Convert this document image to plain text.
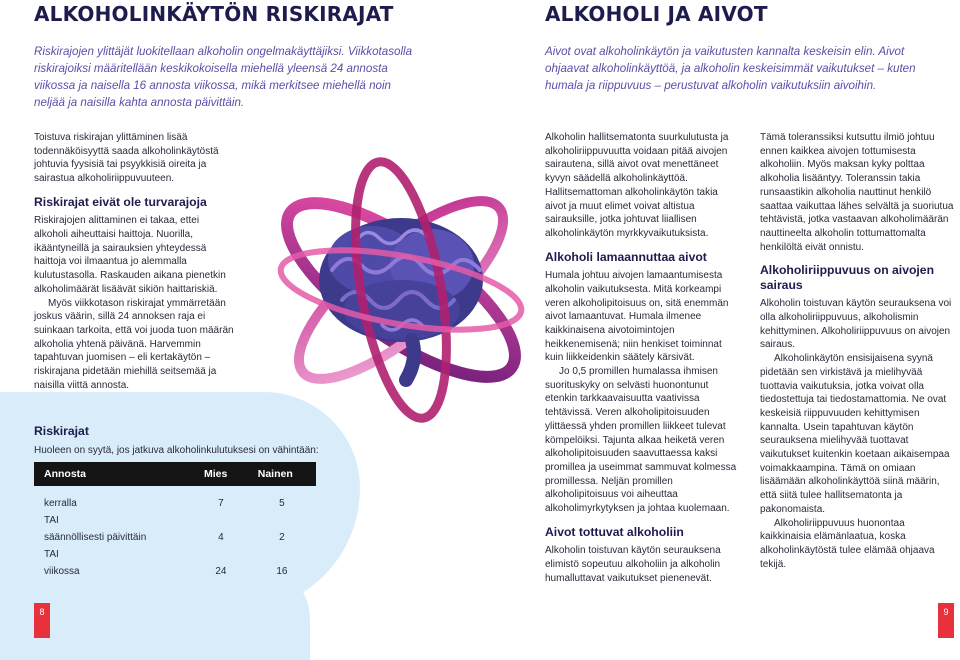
ALKOHOLINKÄYTÖN RISKIRAJAT

Riskirajojen ylittäjät luokitellaan alkoholin ongelmakäyttäjiksi. Viikkotasolla riskirajoiksi määritellään keskikokoisella miehellä yleensä 24 annosta viikossa ja naisella 16 annosta viikossa, mikä merkitsee miehellä noin neljää ja naisilla kahta annosta päivittäin.

Toistuva riskirajan ylittäminen lisää todennäköisyyttä saada alkoholinkäytöstä johtuvia fyysisiä tai psyykkisiä oireita ja sairastua alkoholiriippuvuuteen.

Riskirajat eivät ole turvarajoja

Riskirajojen alittaminen ei takaa, ettei alkoholi aiheuttaisi haittoja. Nuorilla, ikääntyneillä ja sairauksien yhteydessä haittoja voi ilmaantua jo alemmalla kulutustasolla. Raskauden aikana pienetkin alkoholimäärät lisäävät sikiön haittariskiä.

Myös viikkotason riskirajat ymmärretään joskus väärin, sillä 24 annoksen raja ei suinkaan tarkoita, että voi juoda tuon määrän alkoholia yhtenä päivänä. Harvemmin tapahtuvan juomisen – eli kertakäytön – riskirajana pidetään miehillä seitsemää ja naisilla viittä annosta.

Riskirajat
Huoleen on syytä, jos jatkuva alkoholinkulutuksesi on vähintään:
Annosta	Mies	Nainen

kerralla	7	5
TAI		
säännöllisesti päivittäin	4	2
TAI		
viikossa	24	16
8
ALKOHOLI JA AIVOT

Aivot ovat alkoholinkäytön ja vaikutusten kannalta keskeisin elin. Aivot ohjaavat alkoholinkäyttöä, ja alkoholin keskeisimmät vaikutukset – kuten humala ja riippuvuus – perustuvat alkoholin vaikutuksiin aivoihin.

Alkoholin hallitsematonta suurkulutusta ja alkoholiriippuvuutta voidaan pitää aivojen sairautena, sillä aivot ovat menettäneet kyvyn säädellä alkoholinkäyttöä. Hallitsemattoman alkoholinkäytön takia aivot ja muut elimet voivat altistua sairauksille, jotka johtuvat liiallisen alkoholinkäytön myrkkyvaikutuksista.

Alkoholi lamaannuttaa aivot

Humala johtuu aivojen lamaantumisesta alkoholin vaikutuksesta. Mitä korkeampi veren alkoholipitoisuus on, sitä enemmän aivot lamaantuvat. Humala ilmenee kaikkinaisena aivotoimintojen heikkenemisenä; niin henkiset toiminnat kuin liikkeidenkin säätely kärsivät.

Jo 0,5 promillen humalassa ihmisen suorituskyky on selvästi huonontunut etenkin tarkkaavaisuutta vaativissa tehtävissä. Veren alkoholipitoisuuden ylittäessä yhden promillen liikkeet tulevat kömpelöiksi. Tajunta alkaa heiketä veren alkoholipitoisuuden saavuttaessa kaksi promillea ja useimmat sammuvat kolmessa promillessa. Neljän promillen alkoholipitoisuus voi aiheuttaa alkoholimyrkytyksen ja johtaa kuolemaan.

Aivot tottuvat alkoholiin

Alkoholin toistuvan käytön seurauksena elimistö sopeutuu alkoholiin ja alkoholin humalluttavat vaikutukset pienenevät.

Tämä toleranssiksi kutsuttu ilmiö johtuu ennen kaikkea aivojen tottumisesta alkoholiin. Myös maksan kyky polttaa alkoholia lisääntyy. Toleranssin takia runsaastikin alkoholia nauttinut henkilö saattaa vaikuttaa lähes selvältä ja suoriutua tehtävistä, jotka vastaavan alkoholimäärän nauttineelta alkoholin tottumattomalta henkilöltä eivät onnistu.

Alkoholiriippuvuus on aivojen sairaus

Alkoholin toistuvan käytön seurauksena voi olla alkoholiriippuvuus, alkoholismin kehittyminen. Alkoholiriippuvuus on aivojen sairaus.

Alkoholinkäytön ensisijaisena syynä pidetään sen virkistävä ja mielihyvää tuottavia vaikutuksia, jotka voivat olla tiedostettuja tai tiedostamattomia. Ne ovat keskeisiä riippuvuuden kehittymisen kannalta. Usein tapahtuvan käytön seurauksena mielihyvää tuottavat vaikutukset kuitenkin koetaan aikaisempaa voimakkaampina. Tämä on omiaan lisäämään alkoholinkäyttöä siinä määrin, että siitä tulee hallitsematonta ja pakonomaista.

Alkoholiriippuvuus huonontaa kaikkinaisia elämänlaatua, koska alkoholinkäytöstä tulee elämää ohjaava tekijä.

9
